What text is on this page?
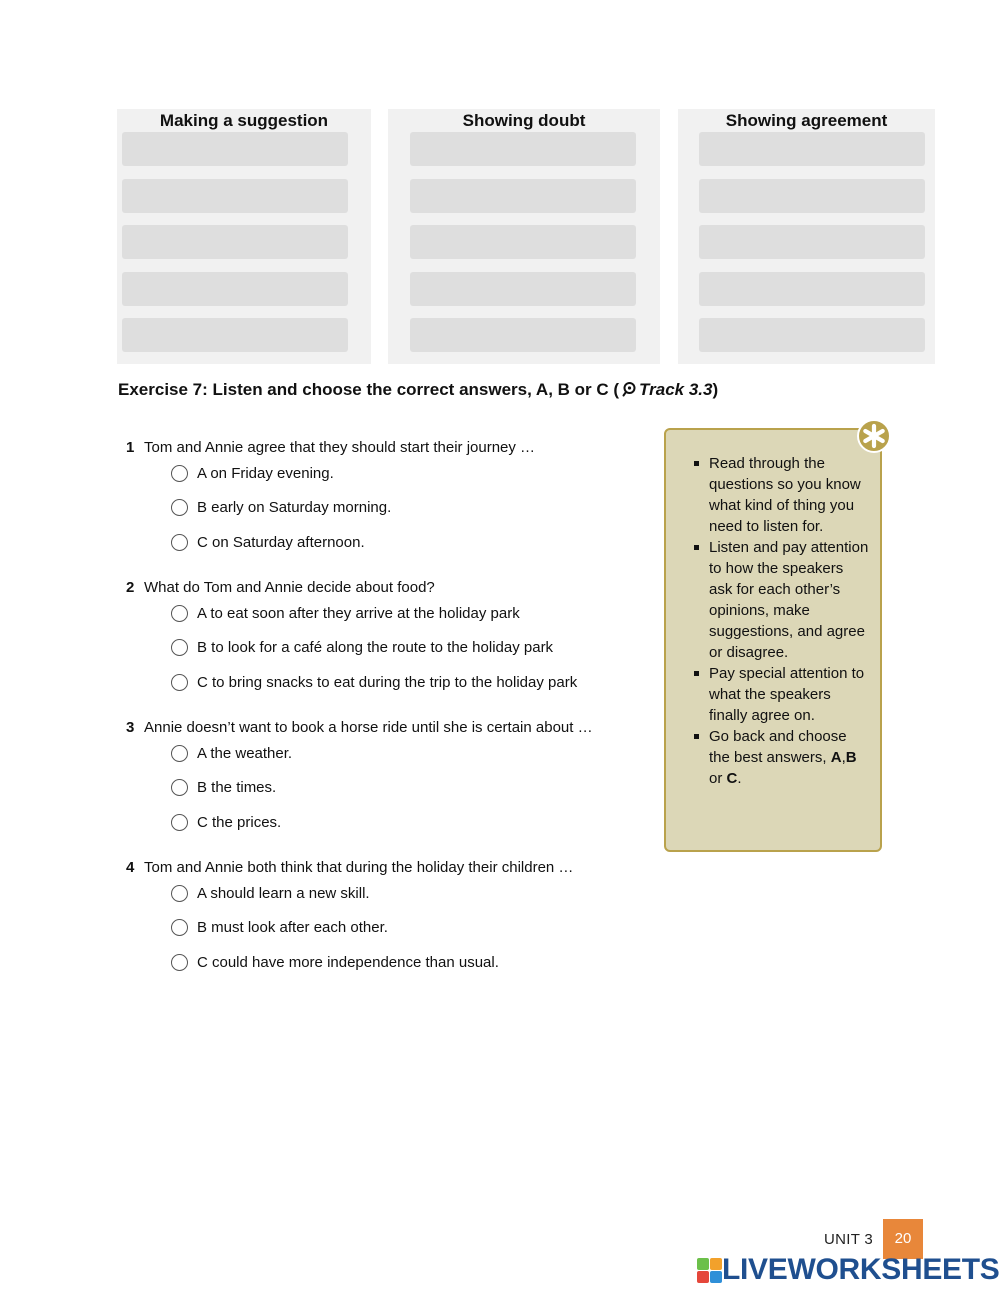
Making a suggestion	Showing doubt	Showing agreement
Exercise 7: Listen and choose the correct answers, A, B or C ( Track 3.3)
1 Tom and Annie agree that they should start their journey …
A on Friday evening.
B early on Saturday morning.
C on Saturday afternoon.
2 What do Tom and Annie decide about food?
A to eat soon after they arrive at the holiday park
B to look for a café along the route to the holiday park
C to bring snacks to eat during the trip to the holiday park
3 Annie doesn’t want to book a horse ride until she is certain about …
A the weather.
B the times.
C the prices.
4 Tom and Annie both think that during the holiday their children …
A should learn a new skill.
B must look after each other.
C could have more independence than usual.
Read through the questions so you know what kind of thing you need to listen for.
Listen and pay attention to how the speakers ask for each other’s opinions, make suggestions, and agree or disagree.
Pay special attention to what the speakers finally agree on.
Go back and choose the best answers, A,B or C.
UNIT 3	20
LIVEWORKSHEETS
